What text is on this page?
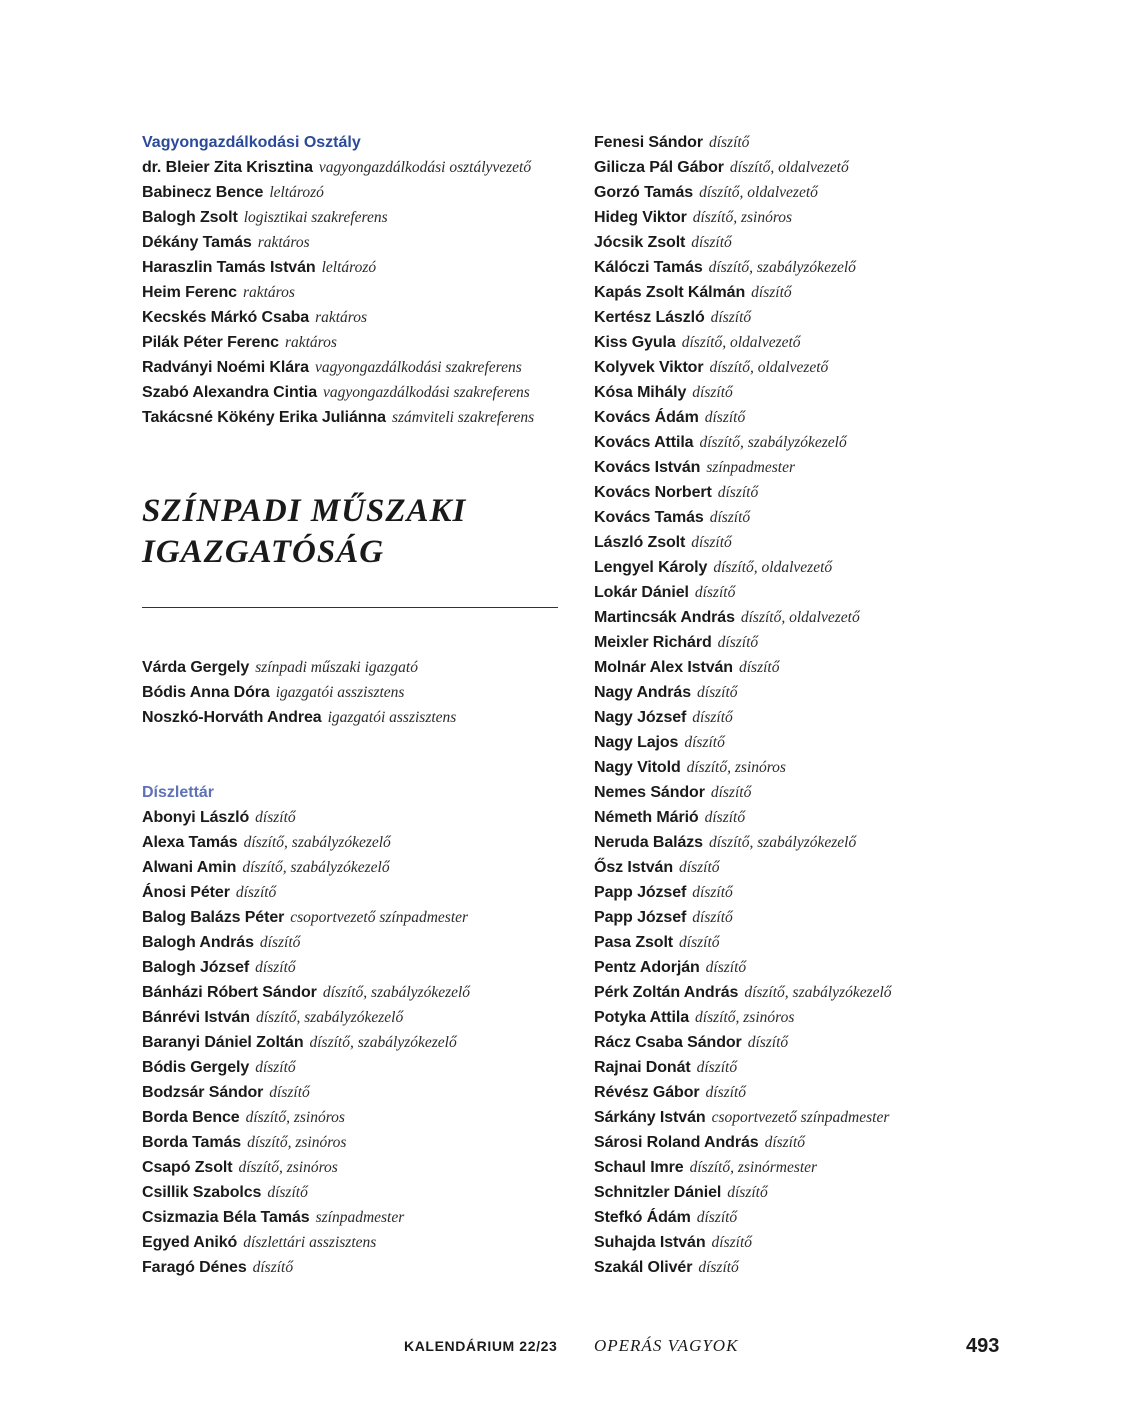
Vagyongazdálkodási Osztály
dr. Bleier Zita Krisztina vagyongazdálkodási osztályvezető
Babinecz Bence leltározó
Balogh Zsolt logisztikai szakreferens
Dékány Tamás raktáros
Haraszlin Tamás István leltározó
Heim Ferenc raktáros
Kecskés Márkó Csaba raktáros
Pilák Péter Ferenc raktáros
Radványi Noémi Klára vagyongazdálkodási szakreferens
Szabó Alexandra Cintia vagyongazdálkodási szakreferens
Takácsné Kökény Erika Juliánna számviteli szakreferens
SZÍNPADI MŰSZAKI
IGAZGATÓSÁG
Várda Gergely színpadi műszaki igazgató
Bódis Anna Dóra igazgatói asszisztens
Noszkó-Horváth Andrea igazgatói asszisztens
Díszlettár
Abonyi László díszítő
Alexa Tamás díszítő, szabályzókezelő
Alwani Amin díszítő, szabályzókezelő
Ánosi Péter díszítő
Balog Balázs Péter csoportvezető színpadmester
Balogh András díszítő
Balogh József díszítő
Bánházi Róbert Sándor díszítő, szabályzókezelő
Bánrévi István díszítő, szabályzókezelő
Baranyi Dániel Zoltán díszítő, szabályzókezelő
Bódis Gergely díszítő
Bodzsár Sándor díszítő
Borda Bence díszítő, zsinóros
Borda Tamás díszítő, zsinóros
Csapó Zsolt díszítő, zsinóros
Csillik Szabolcs díszítő
Csizmazia Béla Tamás színpadmester
Egyed Anikó díszlettári asszisztens
Faragó Dénes díszítő
Fenesi Sándor díszítő
Gilicza Pál Gábor díszítő, oldalvezető
Gorzó Tamás díszítő, oldalvezető
Hideg Viktor díszítő, zsinóros
Jócsik Zsolt díszítő
Kálóczi Tamás díszítő, szabályzókezelő
Kapás Zsolt Kálmán díszítő
Kertész László díszítő
Kiss Gyula díszítő, oldalvezető
Kolyvek Viktor díszítő, oldalvezető
Kósa Mihály díszítő
Kovács Ádám díszítő
Kovács Attila díszítő, szabályzókezelő
Kovács István színpadmester
Kovács Norbert díszítő
Kovács Tamás díszítő
László Zsolt díszítő
Lengyel Károly díszítő, oldalvezető
Lokár Dániel díszítő
Martincsák András díszítő, oldalvezető
Meixler Richárd díszítő
Molnár Alex István díszítő
Nagy András díszítő
Nagy József díszítő
Nagy Lajos díszítő
Nagy Vitold díszítő, zsinóros
Nemes Sándor díszítő
Németh Márió díszítő
Neruda Balázs díszítő, szabályzókezelő
Ősz István díszítő
Papp József díszítő
Papp József díszítő
Pasa Zsolt díszítő
Pentz Adorján díszítő
Pérk Zoltán András díszítő, szabályzókezelő
Potyka Attila díszítő, zsinóros
Rácz Csaba Sándor díszítő
Rajnai Donát díszítő
Révész Gábor díszítő
Sárkány István csoportvezető színpadmester
Sárosi Roland András díszítő
Schaul Imre díszítő, zsinórmester
Schnitzler Dániel díszítő
Stefkó Ádám díszítő
Suhajda István díszítő
Szakál Olivér díszítő
KALENDÁRIUM 22/23 OPERÁS VAGYOK	493
